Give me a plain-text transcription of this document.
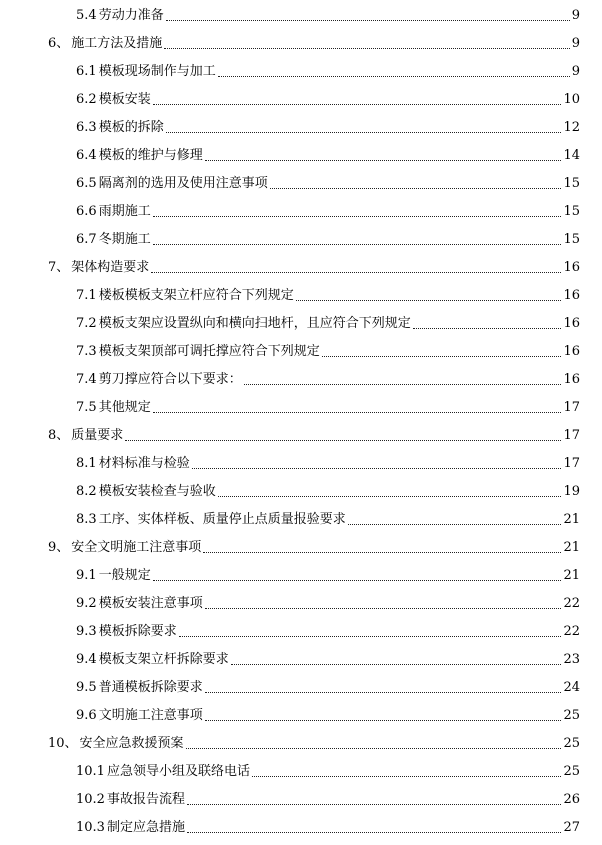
5.4 劳动力准备	9
6、 施工方法及措施	9
6.1 模板现场制作与加工	9
6.2 模板安装	10
6.3 模板的拆除	12
6.4 模板的维护与修理	14
6.5 隔离剂的选用及使用注意事项	15
6.6 雨期施工	15
6.7 冬期施工	15
7、 架体构造要求	16
7.1 楼板模板支架立杆应符合下列规定	16
7.2 模板支架应设置纵向和横向扫地杆，且应符合下列规定	16
7.3 模板支架顶部可调托撑应符合下列规定	16
7.4 剪刀撑应符合以下要求：	16
7.5 其他规定	17
8、 质量要求	17
8.1 材料标准与检验	17
8.2 模板安装检查与验收	19
8.3 工序、实体样板、质量停止点质量报验要求	21
9、 安全文明施工注意事项	21
9.1 一般规定	21
9.2 模板安装注意事项	22
9.3 模板拆除要求	22
9.4 模板支架立杆拆除要求	23
9.5 普通模板拆除要求	24
9.6 文明施工注意事项	25
10、 安全应急救援预案	25
10.1 应急领导小组及联络电话	25
10.2 事故报告流程	26
10.3 制定应急措施	27
